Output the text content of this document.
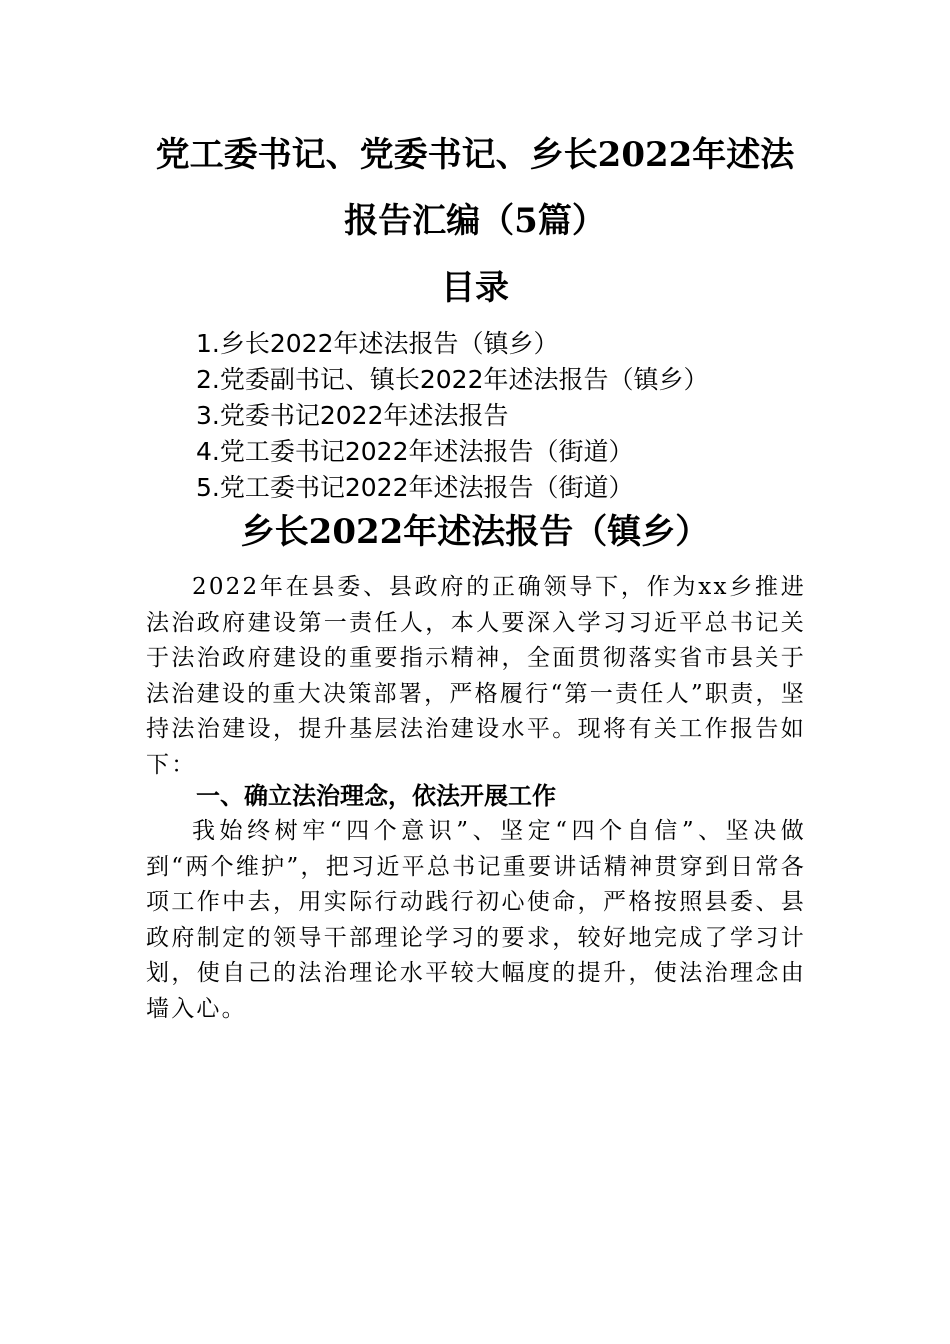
党工委书记、党委书记、乡长2022年述法
报告汇编（5篇）
目录
1.乡长2022年述法报告（镇乡）
2.党委副书记、镇长2022年述法报告（镇乡）
3.党委书记2022年述法报告
4.党工委书记2022年述法报告（街道）
5.党工委书记2022年述法报告（街道）
乡长2022年述法报告（镇乡）

2022年在县委、县政府的正确领导下，作为xx乡推进法治政府建设第一责任人，本人要深入学习习近平总书记关于法治政府建设的重要指示精神，全面贯彻落实省市县关于法治建设的重大决策部署，严格履行“第一责任人”职责，坚持法治建设，提升基层法治建设水平。现将有关工作报告如下：

一、确立法治理念，依法开展工作

我始终树牢“四个意识”、坚定“四个自信”、坚决做到“两个维护”，把习近平总书记重要讲话精神贯穿到日常各项工作中去，用实际行动践行初心使命，严格按照县委、县政府制定的领导干部理论学习的要求，较好地完成了学习计划，使自己的法治理论水平较大幅度的提升，使法治理念由墙入心。
